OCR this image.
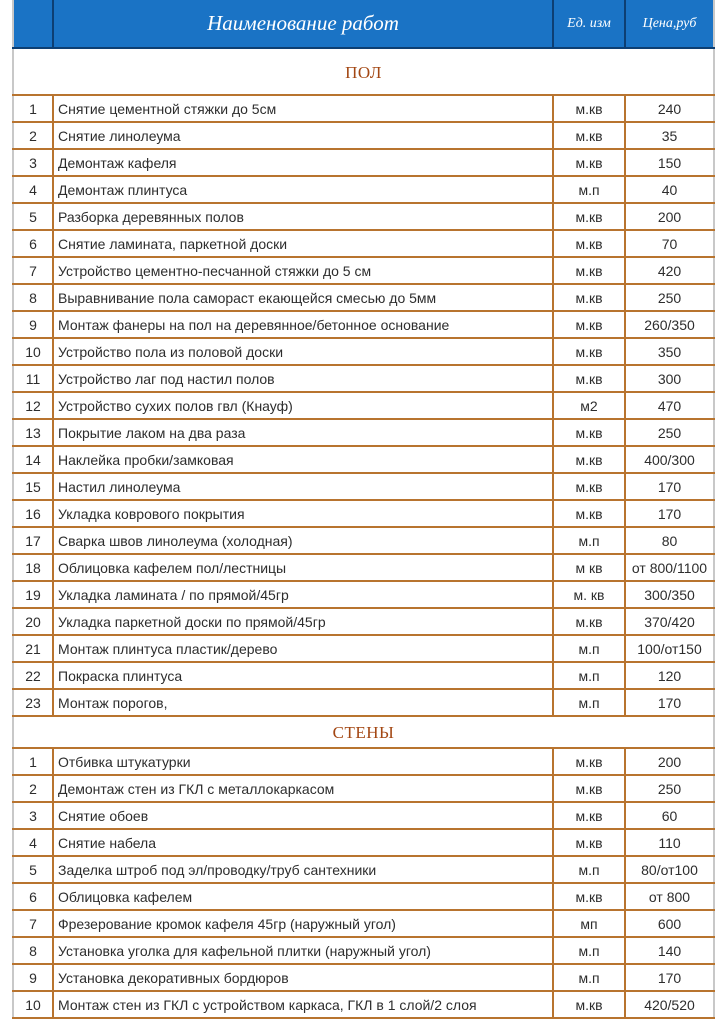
	Наименование работ	Ед. изм	Цена,руб
ПОЛ			
1	Снятие цементной стяжки до 5см	м.кв	240
2	Снятие линолеума	м.кв	35
3	Демонтаж кафеля	м.кв	150
4	Демонтаж плинтуса	м.п	40
5	Разборка деревянных полов	м.кв	200
6	Снятие ламината, паркетной доски	м.кв	70
7	Устройство цементно-песчанной стяжки до 5 см	м.кв	420
8	Выравнивание пола самораст екающейся смесью до 5мм	м.кв	250
9	Монтаж фанеры на пол на деревянное/бетонное основание	м.кв	260/350
10	Устройство пола из половой доски	м.кв	350
11	Устройство лаг под настил полов	м.кв	300
12	Устройство сухих полов гвл (Кнауф)	м2	470
13	Покрытие лаком на два раза	м.кв	250
14	Наклейка пробки/замковая	м.кв	400/300
15	Настил линолеума	м.кв	170
16	Укладка коврового покрытия	м.кв	170
17	Сварка швов линолеума (холодная)	м.п	80
18	Облицовка кафелем пол/лестницы	м кв	от 800/1100
19	Укладка ламината / по прямой/45гр	м. кв	300/350
20	Укладка паркетной доски по прямой/45гр	м.кв	370/420
21	Монтаж плинтуса пластик/дерево	м.п	100/от150
22	Покраска плинтуса	м.п	120
23	Монтаж порогов,	м.п	170
СТЕНЫ			
1	Отбивка штукатурки	м.кв	200
2	Демонтаж стен из ГКЛ с металлокаркасом	м.кв	250
3	Снятие обоев	м.кв	60
4	Снятие набела	м.кв	110
5	Заделка штроб под эл/проводку/труб сантехники	м.п	80/от100
6	Облицовка кафелем	м.кв	от 800
7	Фрезерование кромок кафеля 45гр (наружный угол)	мп	600
8	Установка уголка для кафельной плитки (наружный угол)	м.п	140
9	Установка декоративных бордюров	м.п	170
10	Монтаж стен из ГКЛ с устройством каркаса, ГКЛ в 1 слой/2 слоя	м.кв	420/520
